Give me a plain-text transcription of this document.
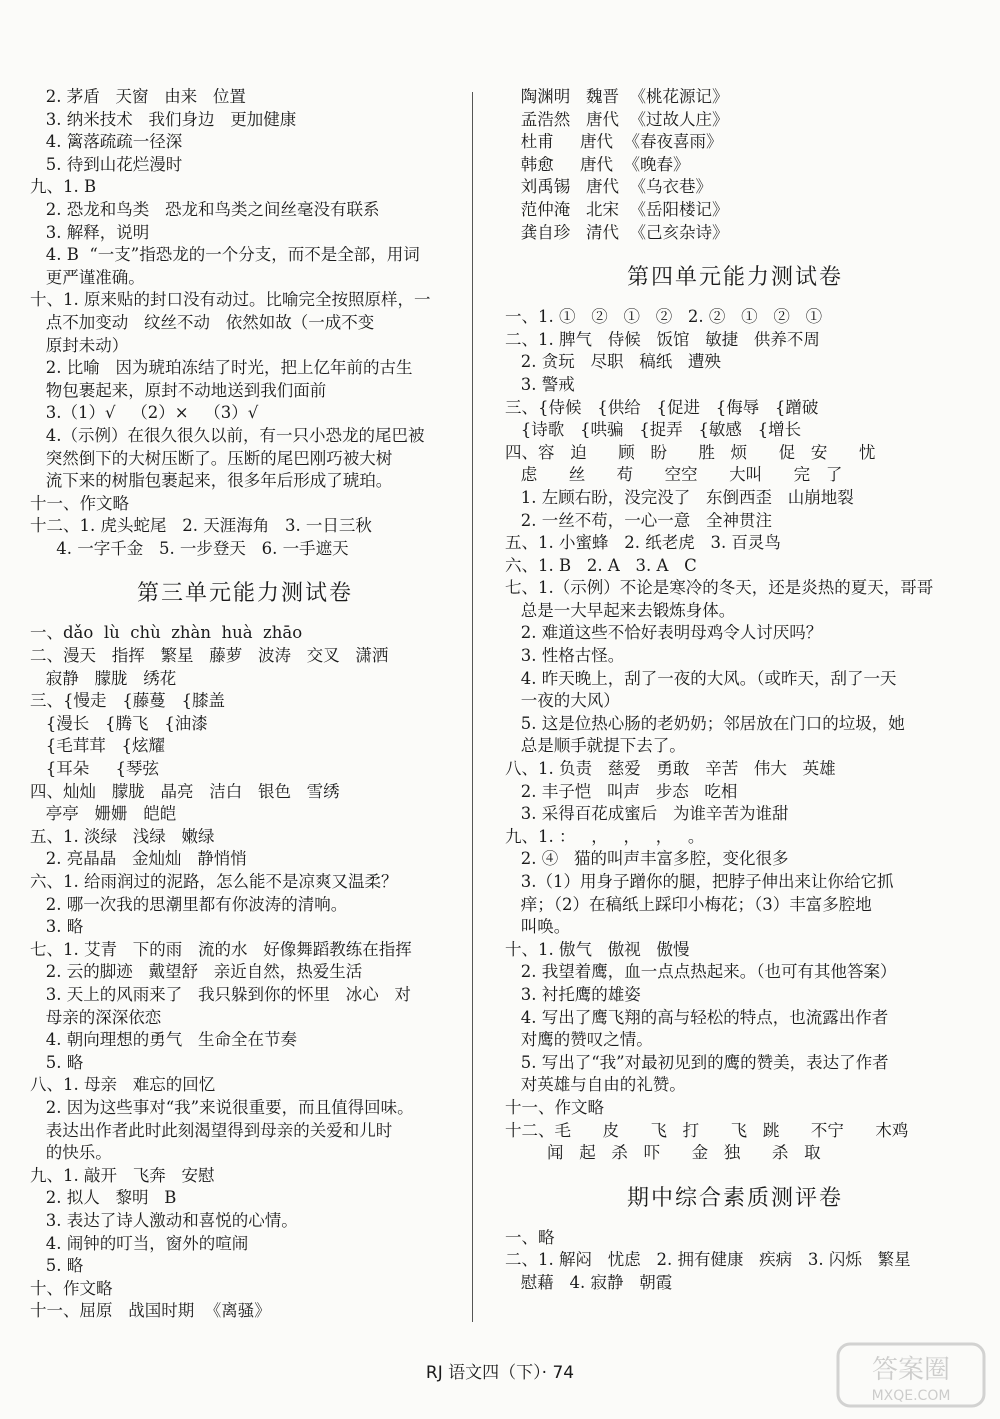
2. 茅盾   天窗   由来   位置
3. 纳米技术   我们身边   更加健康
4. 篱落疏疏一径深
5. 待到山花烂漫时
九、1. B
2. 恐龙和鸟类   恐龙和鸟类之间丝毫没有联系
3. 解释，说明
4. B  “一支”指恐龙的一个分支，而不是全部，用词
更严谨准确。
十、1. 原来贴的封口没有动过。比喻完全按照原样，一
点不加变动   纹丝不动   依然如故（一成不变
原封未动）
2. 比喻   因为琥珀冻结了时光，把上亿年前的古生
物包裹起来，原封不动地送到我们面前
3.（1）√   （2）×   （3）√
4.（示例）在很久很久以前，有一只小恐龙的尾巴被
突然倒下的大树压断了。压断的尾巴刚巧被大树
流下来的树脂包裹起来，很多年后形成了琥珀。
十一、作文略
十二、1. 虎头蛇尾   2. 天涯海角   3. 一日三秋
4. 一字千金   5. 一步登天   6. 一手遮天
第三单元能力测试卷
一、dǎo  lù  chù  zhàn  huà  zhāo
二、漫天   指挥   繁星   藤萝   波涛   交叉   潇洒
寂静   朦胧   绣花
三、{慢走   {藤蔓   {膝盖
{漫长   {腾飞   {油漆
{毛茸茸   {炫耀
{耳朵     {琴弦
四、灿灿   朦胧   晶亮   洁白   银色   雪绣
亭亭   姗姗   皑皑
五、1. 淡绿   浅绿   嫩绿
2. 亮晶晶   金灿灿   静悄悄
六、1. 给雨润过的泥路，怎么能不是凉爽又温柔？
2. 哪一次我的思潮里都有你波涛的清响。
3. 略
七、1. 艾青   下的雨   流的水   好像舞蹈教练在指挥
2. 云的脚迹   戴望舒   亲近自然，热爱生活
3. 天上的风雨来了   我只躲到你的怀里   冰心   对
母亲的深深依恋
4. 朝向理想的勇气   生命全在节奏
5. 略
八、1. 母亲   难忘的回忆
2. 因为这些事对“我”来说很重要，而且值得回味。
表达出作者此时此刻渴望得到母亲的关爱和儿时
的快乐。
九、1. 敲开   飞奔   安慰
2. 拟人   黎明   B
3. 表达了诗人激动和喜悦的心情。
4. 闹钟的叮当，窗外的喧闹
5. 略
十、作文略
十一、屈原   战国时期  《离骚》
陶渊明   魏晋  《桃花源记》
孟浩然   唐代  《过故人庄》
杜甫     唐代  《春夜喜雨》
韩愈     唐代  《晚春》
刘禹锡   唐代  《乌衣巷》
范仲淹   北宋  《岳阳楼记》
龚自珍   清代  《己亥杂诗》
第四单元能力测试卷
一、1. ①   ②   ①   ②   2. ②   ①   ②   ①
二、1. 脾气   侍候   饭馆   敏捷   供养不周
2. 贪玩   尽职   稿纸   遭殃
3. 警戒
三、{侍候   {供给   {促进   {侮辱   {蹭破
{诗歌   {哄骗   {捉弄   {敏感   {增长
四、容   迫      顾   盼      胜   烦      促   安      忧
虑      丝      苟      空空      大叫      完   了
1. 左顾右盼，没完没了   东倒西歪   山崩地裂
2. 一丝不苟，一心一意   全神贯注
五、1. 小蜜蜂   2. 纸老虎   3. 百灵鸟
六、1. B   2. A   3. A   C
七、1.（示例）不论是寒冷的冬天，还是炎热的夏天，哥哥
总是一大早起来去锻炼身体。
2. 难道这些不恰好表明母鸡令人讨厌吗？
3. 性格古怪。
4. 昨天晚上，刮了一夜的大风。（或昨天，刮了一天
一夜的大风）
5. 这是位热心肠的老奶奶；邻居放在门口的垃圾，她
总是顺手就提下去了。
八、1. 负责   慈爱   勇敢   辛苦   伟大   英雄
2. 丰子恺   叫声   步态   吃相
3. 采得百花成蜜后   为谁辛苦为谁甜
九、1. ：   ，   ，   ，   。
2. ④   猫的叫声丰富多腔，变化很多
3.（1）用身子蹭你的腿，把脖子伸出来让你给它抓
痒；（2）在稿纸上踩印小梅花；（3）丰富多腔地
叫唤。
十、1. 傲气   傲视   傲慢
2. 我望着鹰，血一点点热起来。（也可有其他答案）
3. 衬托鹰的雄姿
4. 写出了鹰飞翔的高与轻松的特点，也流露出作者
对鹰的赞叹之情。
5. 写出了“我”对最初见到的鹰的赞美，表达了作者
对英雄与自由的礼赞。
十一、作文略
十二、毛      皮      飞   打      飞   跳      不宁      木鸡
闻   起   杀   吓      金   独      杀   取
期中综合素质测评卷
一、略
二、1. 解闷   忧虑   2. 拥有健康   疾病   3. 闪烁   繁星
慰藉   4. 寂静   朝霞
RJ 语文四（下）· 74	答案圈
MXQE.COM
